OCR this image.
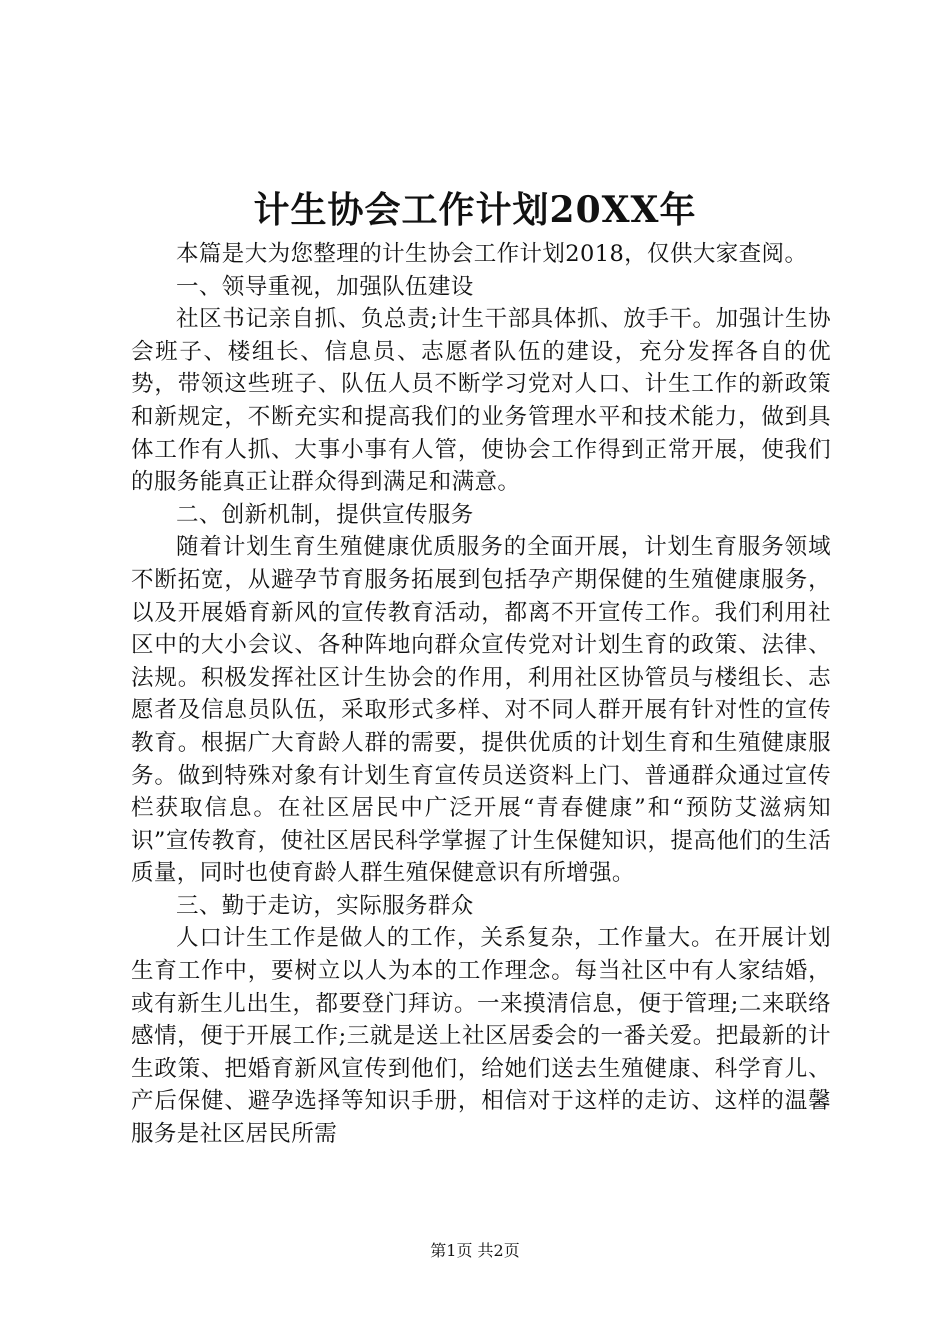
计生协会工作计划20XX年

本篇是大为您整理的计生协会工作计划2018，仅供大家查阅。

一、领导重视，加强队伍建设

社区书记亲自抓、负总责;计生干部具体抓、放手干。加强计生协会班子、楼组长、信息员、志愿者队伍的建设，充分发挥各自的优势，带领这些班子、队伍人员不断学习党对人口、计生工作的新政策和新规定，不断充实和提高我们的业务管理水平和技术能力，做到具体工作有人抓、大事小事有人管，使协会工作得到正常开展，使我们的服务能真正让群众得到满足和满意。

二、创新机制，提供宣传服务

随着计划生育生殖健康优质服务的全面开展，计划生育服务领域不断拓宽，从避孕节育服务拓展到包括孕产期保健的生殖健康服务，以及开展婚育新风的宣传教育活动，都离不开宣传工作。我们利用社区中的大小会议、各种阵地向群众宣传党对计划生育的政策、法律、法规。积极发挥社区计生协会的作用，利用社区协管员与楼组长、志愿者及信息员队伍，采取形式多样、对不同人群开展有针对性的宣传教育。根据广大育龄人群的需要，提供优质的计划生育和生殖健康服务。做到特殊对象有计划生育宣传员送资料上门、普通群众通过宣传栏获取信息。在社区居民中广泛开展“青春健康”和“预防艾滋病知识”宣传教育，使社区居民科学掌握了计生保健知识，提高他们的生活质量，同时也使育龄人群生殖保健意识有所增强。

三、勤于走访，实际服务群众

人口计生工作是做人的工作，关系复杂，工作量大。在开展计划生育工作中，要树立以人为本的工作理念。每当社区中有人家结婚，或有新生儿出生，都要登门拜访。一来摸清信息，便于管理;二来联络感情，便于开展工作;三就是送上社区居委会的一番关爱。把最新的计生政策、把婚育新风宣传到他们，给她们送去生殖健康、科学育儿、产后保健、避孕选择等知识手册，相信对于这样的走访、这样的温馨服务是社区居民所需

第1页 共2页
